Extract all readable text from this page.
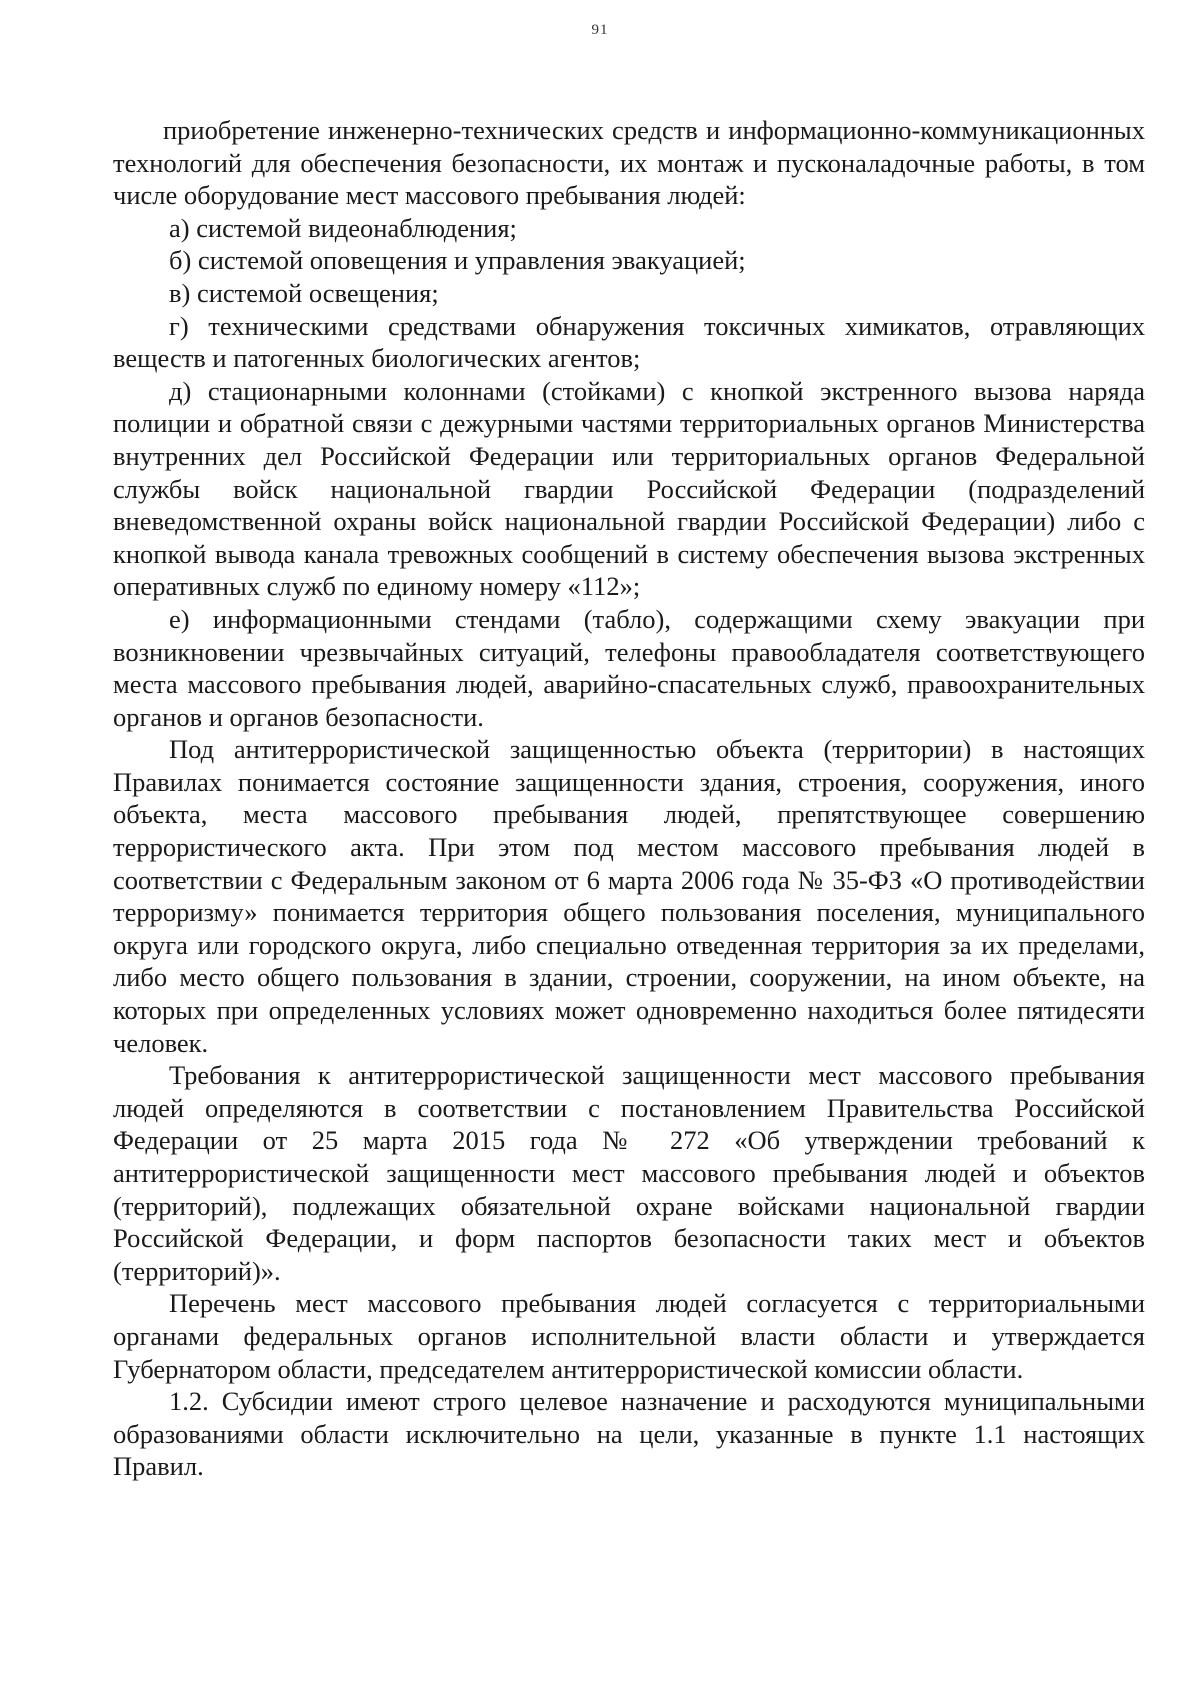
91

приобретение инженерно-технических средств и информационно-коммуникационных технологий для обеспечения безопасности, их монтаж и пусконаладочные работы, в том числе оборудование мест массового пребывания людей:

а) системой видеонаблюдения;

б) системой оповещения и управления эвакуацией;

в) системой освещения;

г) техническими средствами обнаружения токсичных химикатов, отравляющих веществ и патогенных биологических агентов;

д) стационарными колоннами (стойками) с кнопкой экстренного вызова наряда полиции и обратной связи с дежурными частями территориальных органов Министерства внутренних дел Российской Федерации или территориальных органов Федеральной службы войск национальной гвардии Российской Федерации (подразделений вневедомственной охраны войск национальной гвардии Российской Федерации) либо с кнопкой вывода канала тревожных сообщений в систему обеспечения вызова экстренных оперативных служб по единому номеру «112»;

е) информационными стендами (табло), содержащими схему эвакуации при возникновении чрезвычайных ситуаций, телефоны правообладателя соответствующего места массового пребывания людей, аварийно-спасательных служб, правоохранительных органов и органов безопасности.

Под антитеррористической защищенностью объекта (территории) в настоящих Правилах понимается состояние защищенности здания, строения, сооружения, иного объекта, места массового пребывания людей, препятствующее совершению террористического акта. При этом под местом массового пребывания людей в соответствии с Федеральным законом от 6 марта 2006 года № 35-ФЗ «О противодействии терроризму» понимается территория общего пользования поселения, муниципального округа или городского округа, либо специально отведенная территория за их пределами, либо место общего пользования в здании, строении, сооружении, на ином объекте, на которых при определенных условиях может одновременно находиться более пятидесяти человек.

Требования к антитеррористической защищенности мест массового пребывания людей определяются в соответствии с постановлением Правительства Российской Федерации от 25 марта 2015 года № 272 «Об утверждении требований к антитеррористической защищенности мест массового пребывания людей и объектов (территорий), подлежащих обязательной охране войсками национальной гвардии Российской Федерации, и форм паспортов безопасности таких мест и объектов (территорий)».

Перечень мест массового пребывания людей согласуется с территориальными органами федеральных органов исполнительной власти области и утверждается Губернатором области, председателем антитеррористической комиссии области.

1.2. Субсидии имеют строго целевое назначение и расходуются муниципальными образованиями области исключительно на цели, указанные в пункте 1.1 настоящих Правил.
